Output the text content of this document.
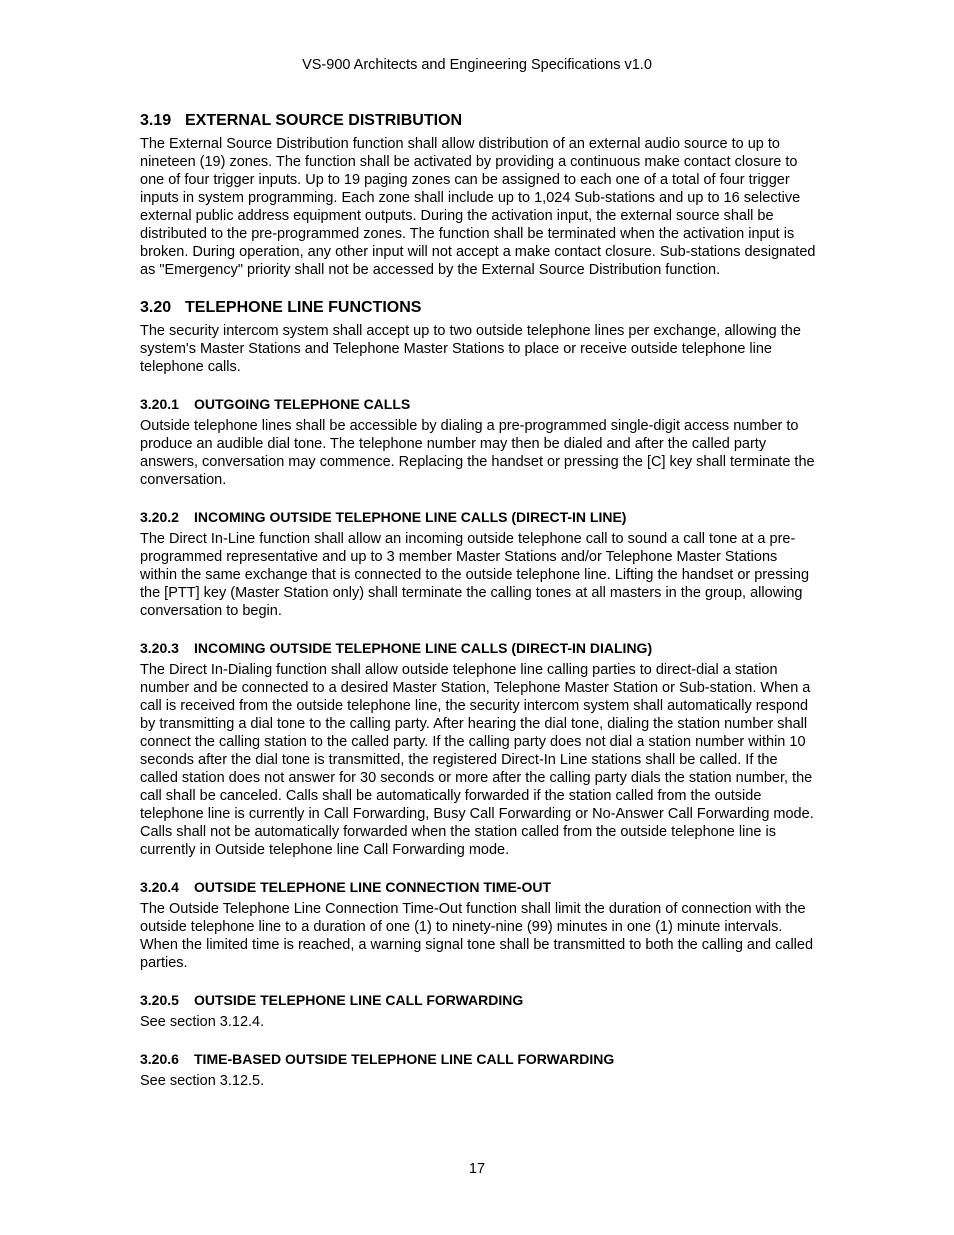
VS-900 Architects and Engineering Specifications v1.0
3.19 EXTERNAL SOURCE DISTRIBUTION

The External Source Distribution function shall allow distribution of an external audio source to up to nineteen (19) zones. The function shall be activated by providing a continuous make contact closure to one of four trigger inputs. Up to 19 paging zones can be assigned to each one of a total of four trigger inputs in system programming. Each zone shall include up to 1,024 Sub-stations and up to 16 selective external public address equipment outputs. During the activation input, the external source shall be distributed to the pre-programmed zones. The function shall be terminated when the activation input is broken. During operation, any other input will not accept a make contact closure. Sub-stations designated as "Emergency" priority shall not be accessed by the External Source Distribution function.

3.20 TELEPHONE LINE FUNCTIONS

The security intercom system shall accept up to two outside telephone lines per exchange, allowing the system's Master Stations and Telephone Master Stations to place or receive outside telephone line telephone calls.

3.20.1 OUTGOING TELEPHONE CALLS

Outside telephone lines shall be accessible by dialing a pre-programmed single-digit access number to produce an audible dial tone. The telephone number may then be dialed and after the called party answers, conversation may commence. Replacing the handset or pressing the [C] key shall terminate the conversation.

3.20.2 INCOMING OUTSIDE TELEPHONE LINE CALLS (DIRECT-IN LINE)

The Direct In-Line function shall allow an incoming outside telephone call to sound a call tone at a pre-programmed representative and up to 3 member Master Stations and/or Telephone Master Stations within the same exchange that is connected to the outside telephone line. Lifting the handset or pressing the [PTT] key (Master Station only) shall terminate the calling tones at all masters in the group, allowing conversation to begin.

3.20.3 INCOMING OUTSIDE TELEPHONE LINE CALLS (DIRECT-IN DIALING)

The Direct In-Dialing function shall allow outside telephone line calling parties to direct-dial a station number and be connected to a desired Master Station, Telephone Master Station or Sub-station. When a call is received from the outside telephone line, the security intercom system shall automatically respond by transmitting a dial tone to the calling party. After hearing the dial tone, dialing the station number shall connect the calling station to the called party. If the calling party does not dial a station number within 10 seconds after the dial tone is transmitted, the registered Direct-In Line stations shall be called. If the called station does not answer for 30 seconds or more after the calling party dials the station number, the call shall be canceled. Calls shall be automatically forwarded if the station called from the outside telephone line is currently in Call Forwarding, Busy Call Forwarding or No-Answer Call Forwarding mode. Calls shall not be automatically forwarded when the station called from the outside telephone line is currently in Outside telephone line Call Forwarding mode.

3.20.4 OUTSIDE TELEPHONE LINE CONNECTION TIME-OUT

The Outside Telephone Line Connection Time-Out function shall limit the duration of connection with the outside telephone line to a duration of one (1) to ninety-nine (99) minutes in one (1) minute intervals. When the limited time is reached, a warning signal tone shall be transmitted to both the calling and called parties.

3.20.5 OUTSIDE TELEPHONE LINE CALL FORWARDING

See section 3.12.4.

3.20.6 TIME-BASED OUTSIDE TELEPHONE LINE CALL FORWARDING

See section 3.12.5.

17
